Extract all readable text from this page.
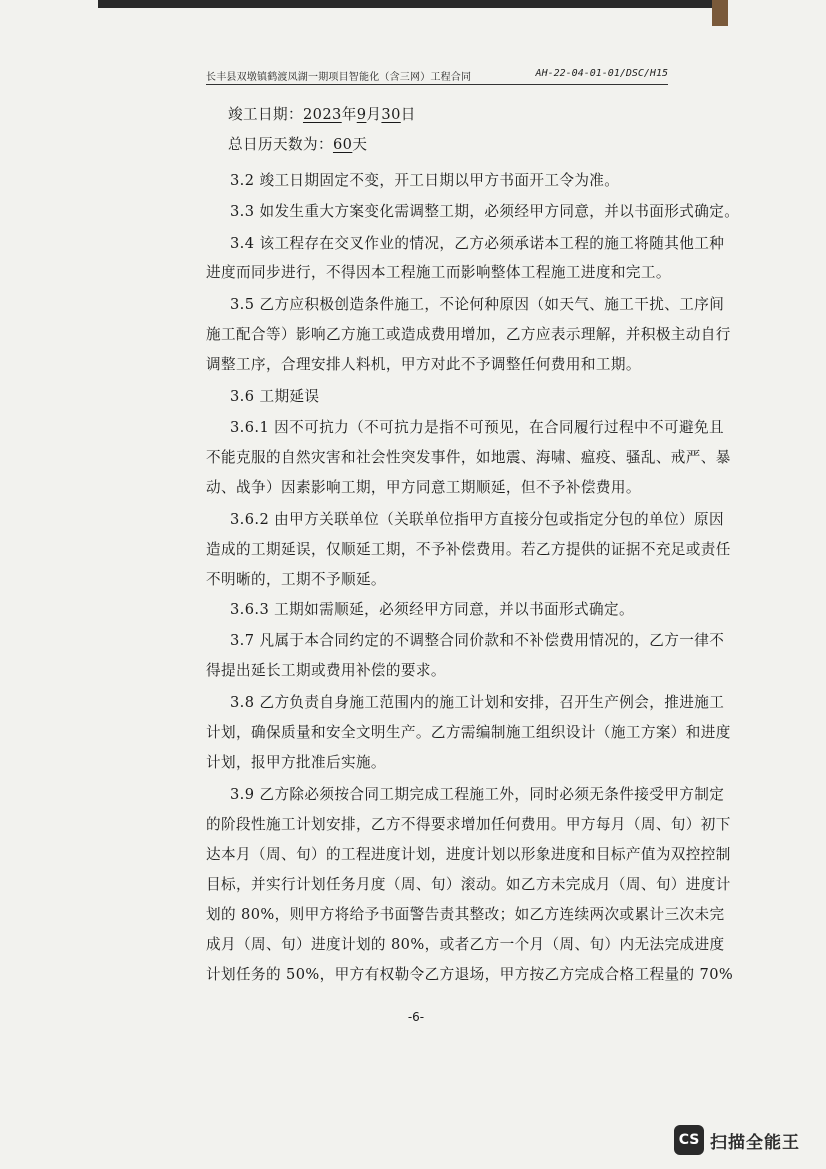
长丰县双墩镇鹤渡凤湖一期项目智能化（含三网）工程合同	AH-22-04-01-01/DSC/H15
竣工日期：2023年9月30日
总日历天数为：60天
3.2 竣工日期固定不变，开工日期以甲方书面开工令为准。
3.3 如发生重大方案变化需调整工期，必须经甲方同意，并以书面形式确定。
3.4 该工程存在交叉作业的情况，乙方必须承诺本工程的施工将随其他工种
进度而同步进行，不得因本工程施工而影响整体工程施工进度和完工。
3.5 乙方应积极创造条件施工，不论何种原因（如天气、施工干扰、工序间
施工配合等）影响乙方施工或造成费用增加，乙方应表示理解，并积极主动自行
调整工序，合理安排人料机，甲方对此不予调整任何费用和工期。
3.6 工期延误
3.6.1 因不可抗力（不可抗力是指不可预见，在合同履行过程中不可避免且
不能克服的自然灾害和社会性突发事件，如地震、海啸、瘟疫、骚乱、戒严、暴
动、战争）因素影响工期，甲方同意工期顺延，但不予补偿费用。
3.6.2 由甲方关联单位（关联单位指甲方直接分包或指定分包的单位）原因
造成的工期延误，仅顺延工期，不予补偿费用。若乙方提供的证据不充足或责任
不明晰的，工期不予顺延。
3.6.3 工期如需顺延，必须经甲方同意，并以书面形式确定。
3.7 凡属于本合同约定的不调整合同价款和不补偿费用情况的，乙方一律不
得提出延长工期或费用补偿的要求。
3.8 乙方负责自身施工范围内的施工计划和安排，召开生产例会，推进施工
计划，确保质量和安全文明生产。乙方需编制施工组织设计（施工方案）和进度
计划，报甲方批准后实施。
3.9 乙方除必须按合同工期完成工程施工外，同时必须无条件接受甲方制定
的阶段性施工计划安排，乙方不得要求增加任何费用。甲方每月（周、旬）初下
达本月（周、旬）的工程进度计划，进度计划以形象进度和目标产值为双控控制
目标，并实行计划任务月度（周、旬）滚动。如乙方未完成月（周、旬）进度计
划的 80%，则甲方将给予书面警告责其整改；如乙方连续两次或累计三次未完
成月（周、旬）进度计划的 80%，或者乙方一个月（周、旬）内无法完成进度
计划任务的 50%，甲方有权勒令乙方退场，甲方按乙方完成合格工程量的 70%
-6-
CS 扫描全能王
